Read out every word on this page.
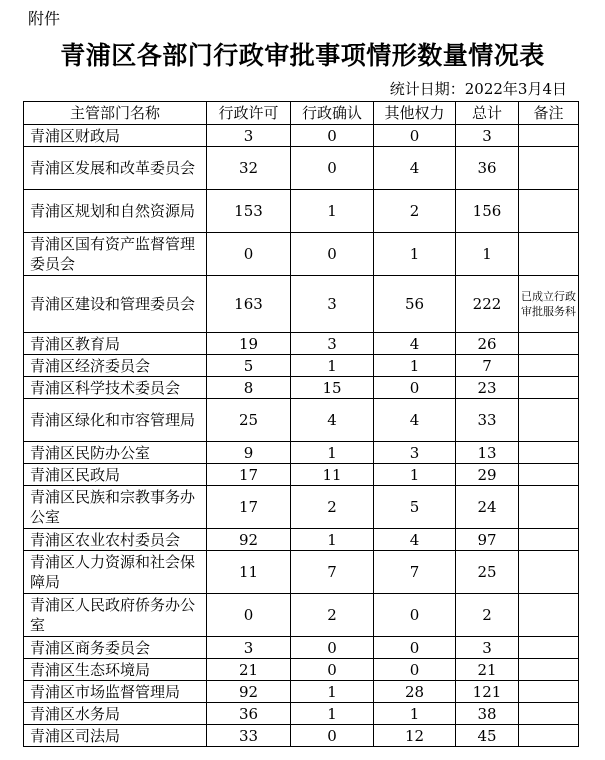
附件
青浦区各部门行政审批事项情形数量情况表
统计日期：2022年3月4日
主管部门名称	行政许可	行政确认	其他权力	总计	备注
青浦区财政局	3	0	0	3	
青浦区发展和改革委员会	32	0	4	36	
青浦区规划和自然资源局	153	1	2	156	
青浦区国有资产监督管理委员会	0	0	1	1	
青浦区建设和管理委员会	163	3	56	222	已成立行政审批服务科
青浦区教育局	19	3	4	26	
青浦区经济委员会	5	1	1	7	
青浦区科学技术委员会	8	15	0	23	
青浦区绿化和市容管理局	25	4	4	33	
青浦区民防办公室	9	1	3	13	
青浦区民政局	17	11	1	29	
青浦区民族和宗教事务办公室	17	2	5	24	
青浦区农业农村委员会	92	1	4	97	
青浦区人力资源和社会保障局	11	7	7	25	
青浦区人民政府侨务办公室	0	2	0	2	
青浦区商务委员会	3	0	0	3	
青浦区生态环境局	21	0	0	21	
青浦区市场监督管理局	92	1	28	121	
青浦区水务局	36	1	1	38	
青浦区司法局	33	0	12	45	
